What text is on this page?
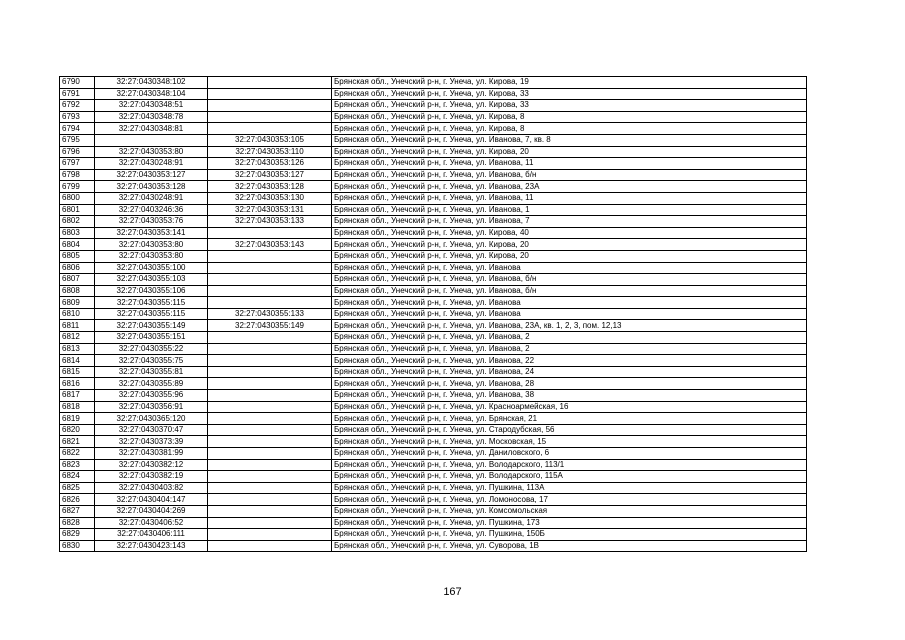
6790	32:27:0430348:102		Брянская обл., Унечский р-н, г. Унеча, ул. Кирова, 19
6791	32:27:0430348:104		Брянская обл., Унечский р-н, г. Унеча, ул. Кирова, 33
6792	32:27:0430348:51		Брянская обл., Унечский р-н, г. Унеча, ул. Кирова, 33
6793	32:27:0430348:78		Брянская обл., Унечский р-н, г. Унеча, ул. Кирова, 8
6794	32:27:0430348:81		Брянская обл., Унечский р-н, г. Унеча, ул. Кирова, 8
6795		32:27:0430353:105	Брянская обл., Унечский р-н, г. Унеча, ул. Иванова, 7, кв. 8
6796	32:27:0430353:80	32:27:0430353:110	Брянская обл., Унечский р-н, г. Унеча, ул. Кирова, 20
6797	32:27:0430248:91	32:27:0430353:126	Брянская обл., Унечский р-н, г. Унеча, ул. Иванова, 11
6798	32:27:0430353:127	32:27:0430353:127	Брянская обл., Унечский р-н, г. Унеча, ул. Иванова, б/н
6799	32:27:0430353:128	32:27:0430353:128	Брянская обл., Унечский р-н, г. Унеча, ул. Иванова, 23А
6800	32:27:0430248:91	32:27:0430353:130	Брянская обл., Унечский р-н, г. Унеча, ул. Иванова, 11
6801	32:27:0403246:36	32:27:0430353:131	Брянская обл., Унечский р-н, г. Унеча, ул. Иванова, 1
6802	32:27:0430353:76	32:27:0430353:133	Брянская обл., Унечский р-н, г. Унеча, ул. Иванова, 7
6803	32:27:0430353:141		Брянская обл., Унечский р-н, г. Унеча, ул. Кирова, 40
6804	32:27:0430353:80	32:27:0430353:143	Брянская обл., Унечский р-н, г. Унеча, ул. Кирова, 20
6805	32:27:0430353:80		Брянская обл., Унечский р-н, г. Унеча, ул. Кирова, 20
6806	32:27:0430355:100		Брянская обл., Унечский р-н, г. Унеча, ул. Иванова
6807	32:27:0430355:103		Брянская обл., Унечский р-н, г. Унеча, ул. Иванова, б/н
6808	32:27:0430355:106		Брянская обл., Унечский р-н, г. Унеча, ул. Иванова, б/н
6809	32:27:0430355:115		Брянская обл., Унечский р-н, г. Унеча, ул. Иванова
6810	32:27:0430355:115	32:27:0430355:133	Брянская обл., Унечский р-н, г. Унеча, ул. Иванова
6811	32:27:0430355:149	32:27:0430355:149	Брянская обл., Унечский р-н, г. Унеча, ул. Иванова, 23А, кв. 1, 2, 3, пом. 12,13
6812	32:27:0430355:151		Брянская обл., Унечский р-н, г. Унеча, ул. Иванова, 2
6813	32:27:0430355:22		Брянская обл., Унечский р-н, г. Унеча, ул. Иванова, 2
6814	32:27:0430355:75		Брянская обл., Унечский р-н, г. Унеча, ул. Иванова, 22
6815	32:27:0430355:81		Брянская обл., Унечский р-н, г. Унеча, ул. Иванова, 24
6816	32:27:0430355:89		Брянская обл., Унечский р-н, г. Унеча, ул. Иванова, 28
6817	32:27:0430355:96		Брянская обл., Унечский р-н, г. Унеча, ул. Иванова, 38
6818	32:27:0430356:91		Брянская обл., Унечский р-н, г. Унеча, ул. Красноармейская, 16
6819	32:27:0430365:120		Брянская обл., Унечский р-н, г. Унеча, ул. Брянская, 21
6820	32:27:0430370:47		Брянская обл., Унечский р-н, г. Унеча, ул. Стародубская, 56
6821	32:27:0430373:39		Брянская обл., Унечский р-н, г. Унеча, ул. Московская, 15
6822	32:27:0430381:99		Брянская обл., Унечский р-н, г. Унеча, ул. Даниловского, 6
6823	32:27:0430382:12		Брянская обл., Унечский р-н, г. Унеча, ул. Володарского, 113/1
6824	32:27:0430382:19		Брянская обл., Унечский р-н, г. Унеча, ул. Володарского, 115А
6825	32:27:0430403:82		Брянская обл., Унечский р-н, г. Унеча, ул. Пушкина, 113А
6826	32:27:0430404:147		Брянская обл., Унечский р-н, г. Унеча, ул. Ломоносова, 17
6827	32:27:0430404:269		Брянская обл., Унечский р-н, г. Унеча, ул. Комсомольская
6828	32:27:0430406:52		Брянская обл., Унечский р-н, г. Унеча, ул. Пушкина, 173
6829	32:27:0430406:111		Брянская обл., Унечский р-н, г. Унеча, ул. Пушкина, 150Б
6830	32:27:0430423:143		Брянская обл., Унечский р-н, г. Унеча, ул. Суворова, 1В
167
